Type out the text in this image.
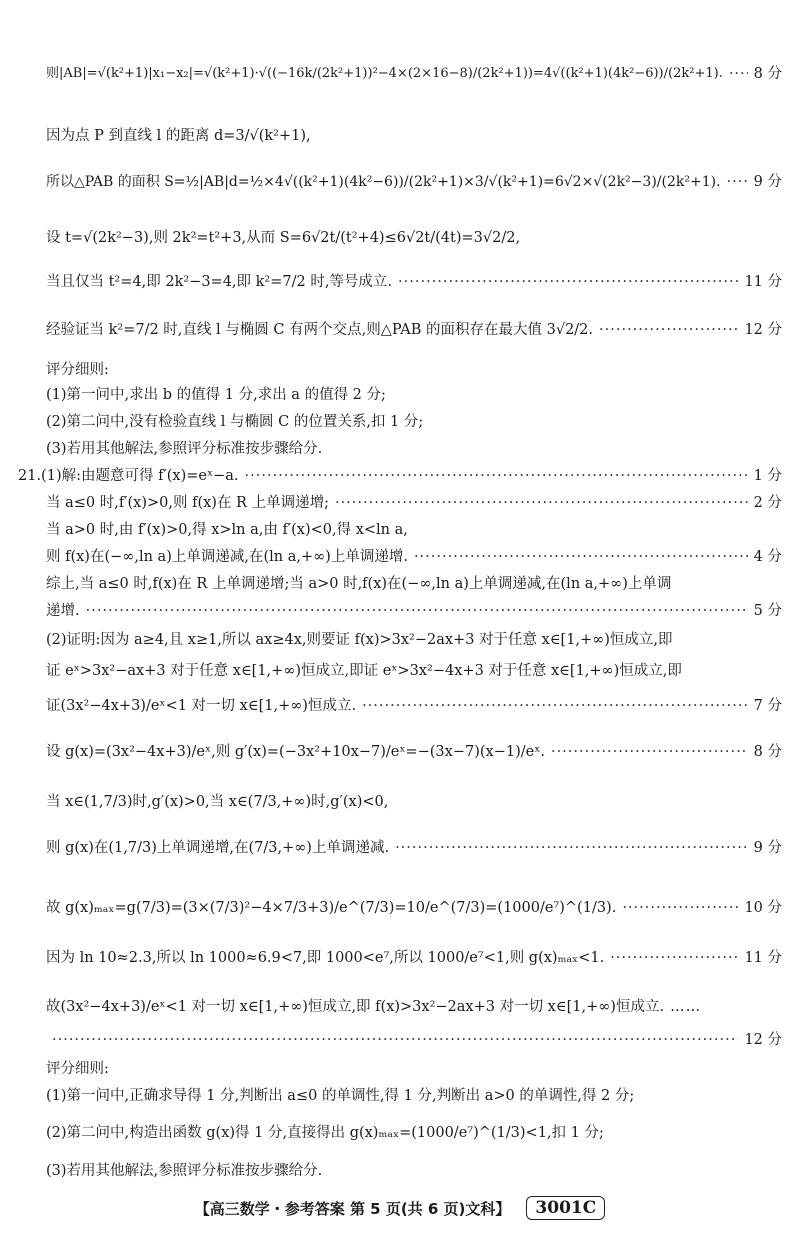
则|AB|=√(k²+1)|x₁−x₂|=√(k²+1)·√((−16k/(2k²+1))²−4×(2×16−8)/(2k²+1))=4√((k²+1)(4k²−6))/(2k²+1). ····· 8 分
因为点 P 到直线 l 的距离 d=3/√(k²+1),
所以△PAB 的面积 S=½|AB|d=½×4√((k²+1)(4k²−6))/(2k²+1)×3/√(k²+1)=6√2×√(2k²−3)/(2k²+1). ····· 9 分
设 t=√(2k²−3),则 2k²=t²+3,从而 S=6√2t/(t²+4)≤6√2t/(4t)=3√2/2,
当且仅当 t²=4,即 2k²−3=4,即 k²=7/2 时,等号成立. ·····	11 分
经验证当 k²=7/2 时,直线 l 与椭圆 C 有两个交点,则△PAB 的面积存在最大值 3√2/2. ·····	12 分
评分细则:
(1)第一问中,求出 b 的值得 1 分,求出 a 的值得 2 分;
(2)第二问中,没有检验直线 l 与椭圆 C 的位置关系,扣 1 分;
(3)若用其他解法,参照评分标准按步骤给分.
21.(1)解:由题意可得 f′(x)=eˣ−a. ·····	1 分
当 a≤0 时,f′(x)>0,则 f(x)在 R 上单调递增; ·····	2 分
当 a>0 时,由 f′(x)>0,得 x>ln a,由 f′(x)<0,得 x<ln a,
则 f(x)在(−∞,ln a)上单调递减,在(ln a,+∞)上单调递增. ·····	4 分
综上,当 a≤0 时,f(x)在 R 上单调递增;当 a>0 时,f(x)在(−∞,ln a)上单调递减,在(ln a,+∞)上单调
递增. ·····	5 分
(2)证明:因为 a≥4,且 x≥1,所以 ax≥4x,则要证 f(x)>3x²−2ax+3 对于任意 x∈[1,+∞)恒成立,即
证 eˣ>3x²−ax+3 对于任意 x∈[1,+∞)恒成立,即证 eˣ>3x²−4x+3 对于任意 x∈[1,+∞)恒成立,即
证(3x²−4x+3)/eˣ<1 对一切 x∈[1,+∞)恒成立. ·····	7 分
设 g(x)=(3x²−4x+3)/eˣ,则 g′(x)=(−3x²+10x−7)/eˣ=−(3x−7)(x−1)/eˣ. ·····	8 分
当 x∈(1,7/3)时,g′(x)>0,当 x∈(7/3,+∞)时,g′(x)<0,
则 g(x)在(1,7/3)上单调递增,在(7/3,+∞)上单调递减. ·····	9 分
故 g(x)ₘₐₓ=g(7/3)=(3×(7/3)²−4×7/3+3)/e^(7/3)=10/e^(7/3)=(1000/e⁷)^(1/3). ·····	10 分
因为 ln 10≈2.3,所以 ln 1000≈6.9<7,即 1000<e⁷,所以 1000/e⁷<1,则 g(x)ₘₐₓ<1. ·····	11 分
故(3x²−4x+3)/eˣ<1 对一切 x∈[1,+∞)恒成立,即 f(x)>3x²−2ax+3 对一切 x∈[1,+∞)恒成立. ……
·····
12 分
评分细则:
(1)第一问中,正确求导得 1 分,判断出 a≤0 的单调性,得 1 分,判断出 a>0 的单调性,得 2 分;
(2)第二问中,构造出函数 g(x)得 1 分,直接得出 g(x)ₘₐₓ=(1000/e⁷)^(1/3)<1,扣 1 分;
(3)若用其他解法,参照评分标准按步骤给分.
【高三数学・参考答案 第 5 页(共 6 页)文科】	3001C
